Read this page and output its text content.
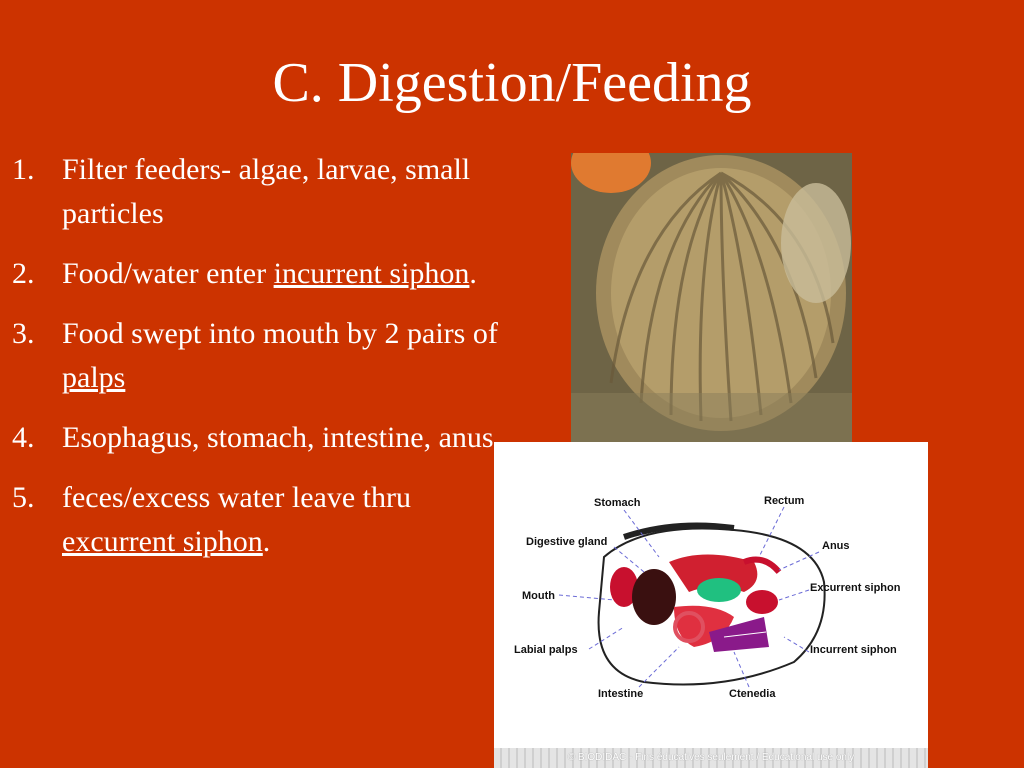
C. Digestion/Feeding
1. Filter feeders- algae, larvae, small particles
2. Food/water enter incurrent siphon.
3. Food swept into mouth by 2 pairs of palps
4. Esophagus, stomach, intestine, anus
5. feces/excess water leave thru excurrent siphon.
Stomach	Rectum
Digestive gland	Anus
Mouth
Excurrent siphon
Labial palps	Incurrent siphon
Intestine	Ctenedia
© BIODIDAC - Fins éducatives seulement / Educational use only
